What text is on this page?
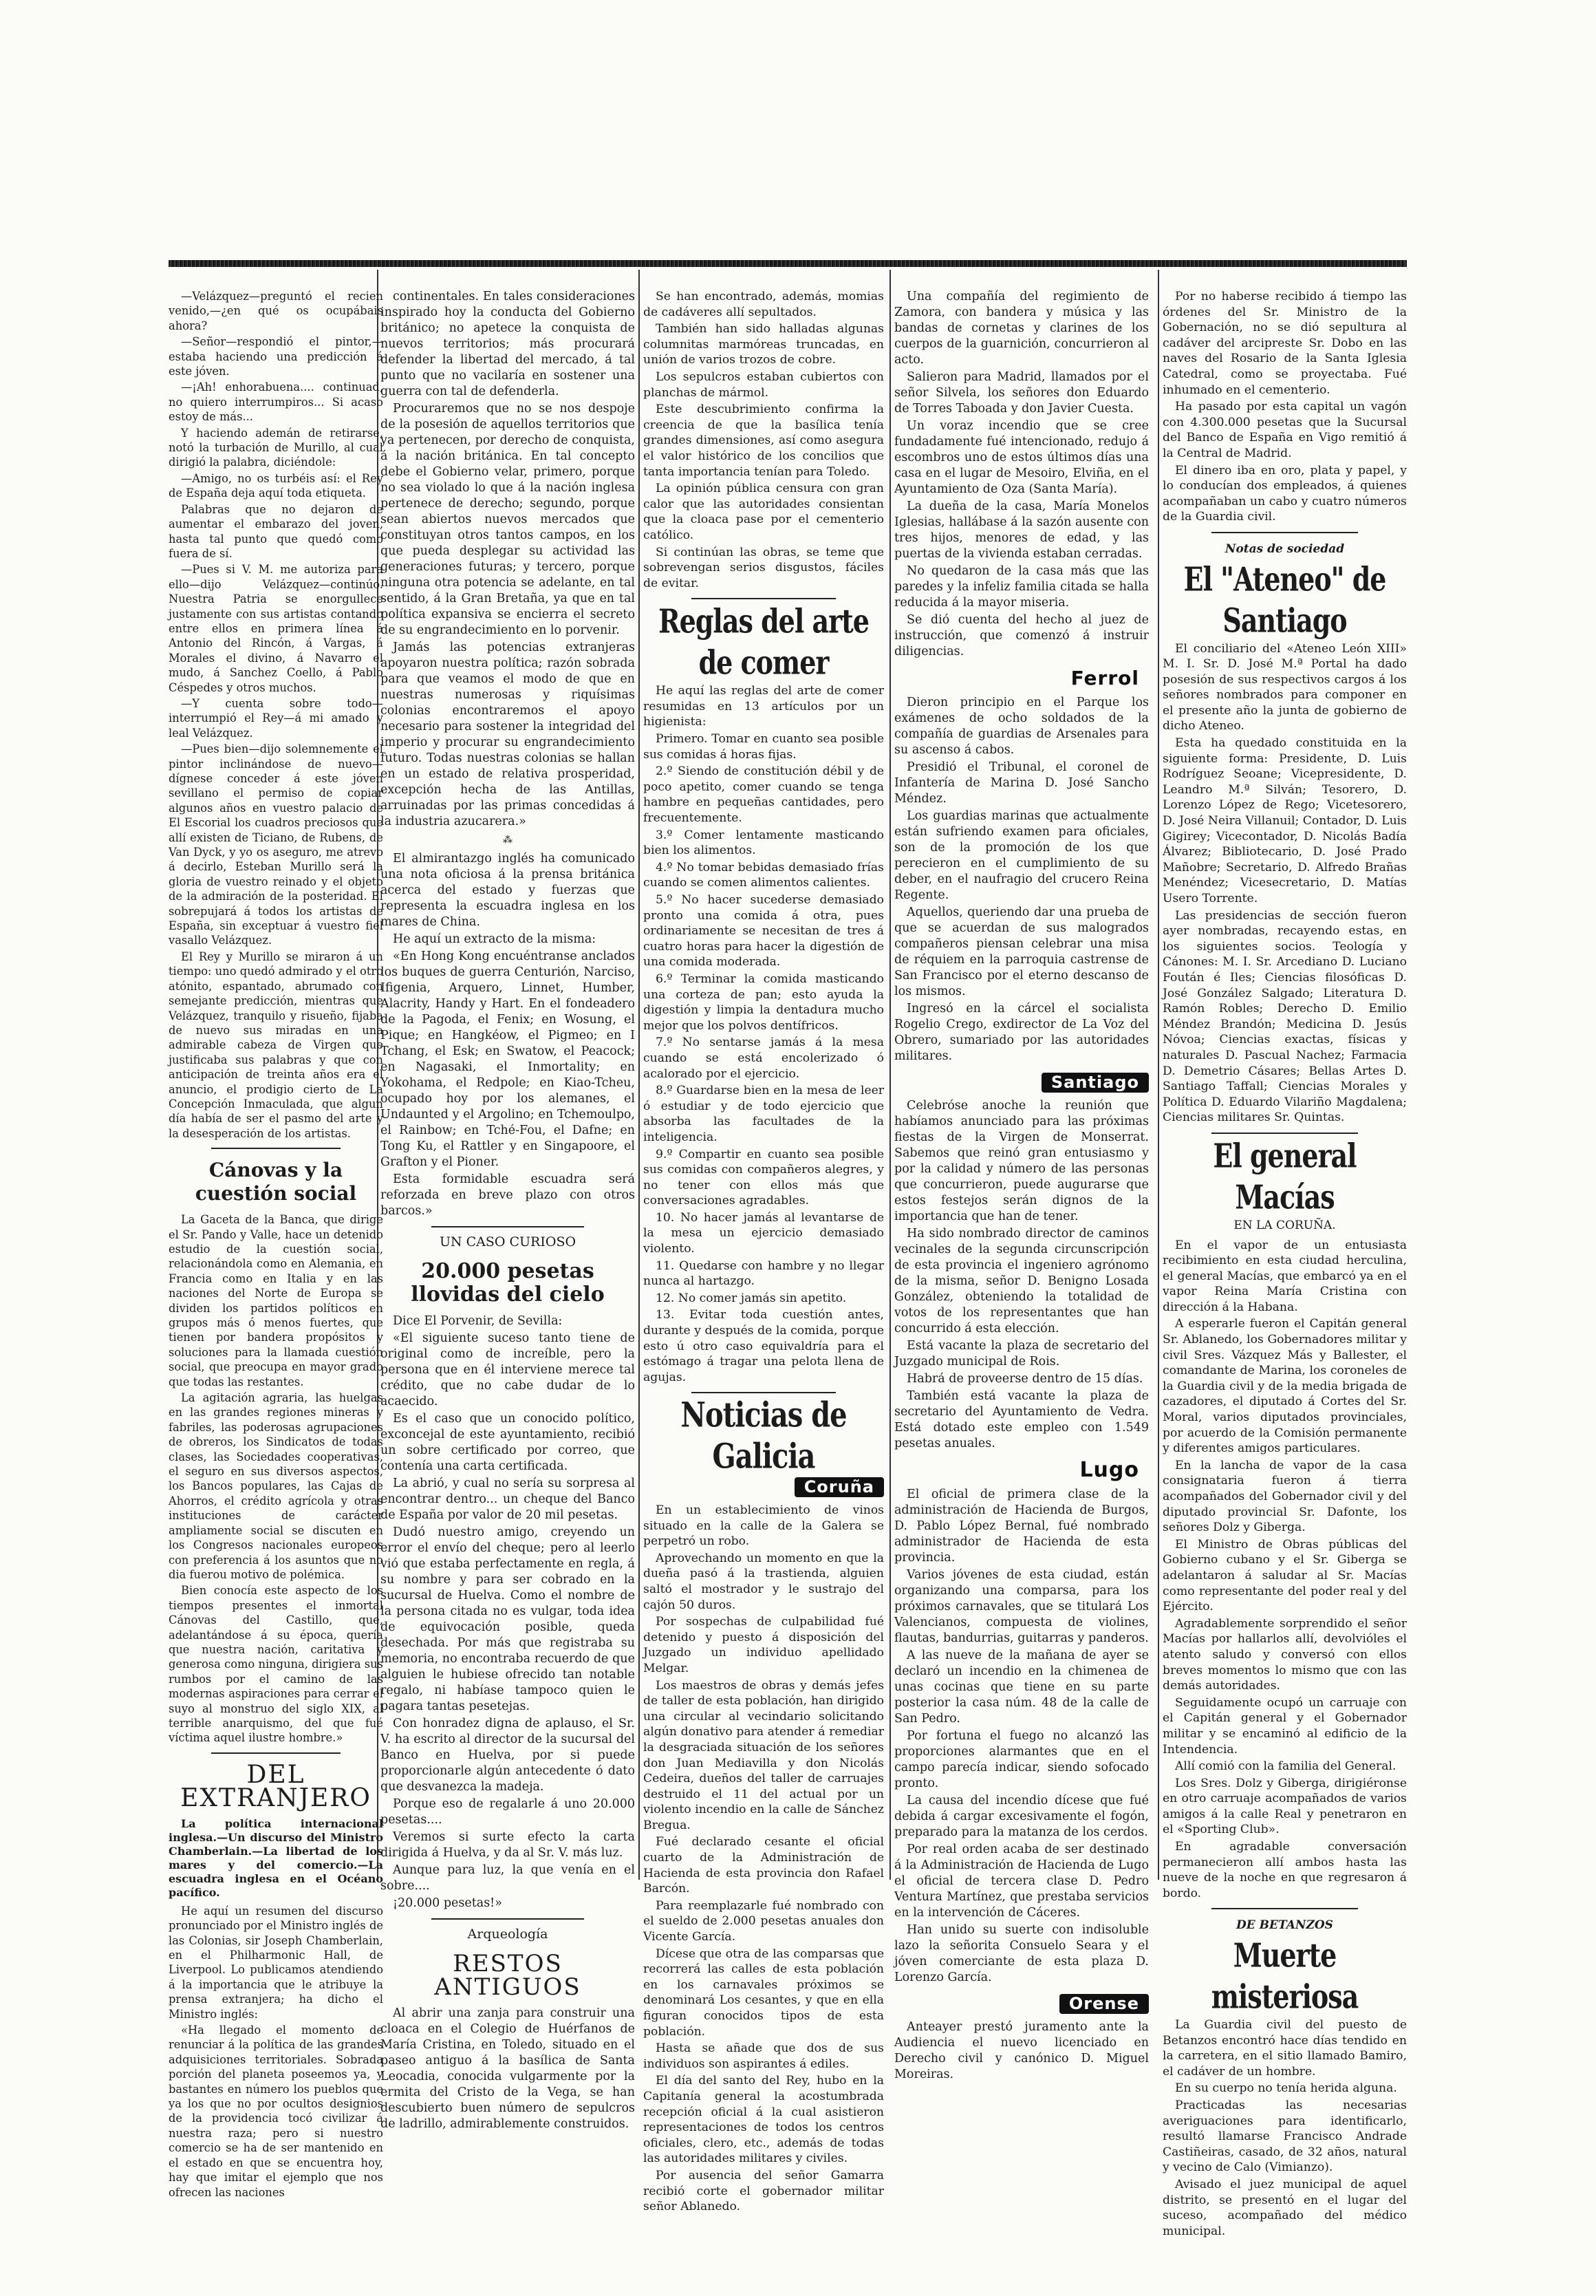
—Velázquez—preguntó el recien venido,—¿en qué os ocupábais ahora?

—Señor—respondió el pintor,—estaba haciendo una predicción á este jóven.

—¡Ah! enhorabuena.... continuad, no quiero interrumpiros... Si acaso estoy de más...

Y haciendo ademán de retirarse, notó la turbación de Murillo, al cual dirigió la palabra, diciéndole:

—Amigo, no os turbéis así: el Rey de España deja aquí toda etiqueta.

Palabras que no dejaron de aumentar el embarazo del joven, hasta tal punto que quedó como fuera de sí.

—Pues si V. M. me autoriza para ello—dijo Velázquez—continúo. Nuestra Patria se enorgullece justamente con sus artistas contando entre ellos en primera línea á Antonio del Rincón, á Vargas, á Morales el divino, á Navarro el mudo, á Sanchez Coello, á Pablo Céspedes y otros muchos.

—Y cuenta sobre todo—interrumpió el Rey—á mi amado y leal Velázquez.

—Pues bien—dijo solemnemente el pintor inclinándose de nuevo—dígnese conceder á este jóven sevillano el permiso de copiar algunos años en vuestro palacio de El Escorial los cuadros preciosos que allí existen de Ticiano, de Rubens, de Van Dyck, y yo os aseguro, me atrevo á decirlo, Esteban Murillo será la gloria de vuestro reinado y el objeto de la admiración de la posteridad. El sobrepujará á todos los artistas de España, sin exceptuar á vuestro fiel vasallo Velázquez.

El Rey y Murillo se miraron á un tiempo: uno quedó admirado y el otro atónito, espantado, abrumado con semejante predicción, mientras que Velázquez, tranquilo y risueño, fijaba de nuevo sus miradas en una admirable cabeza de Virgen que justificaba sus palabras y que con anticipación de treinta años era el anuncio, el prodigio cierto de La Concepción Inmaculada, que algun día había de ser el pasmo del arte y la desesperación de los artistas.

Cánovas y la cuestión social

La Gaceta de la Banca, que dirige el Sr. Pando y Valle, hace un detenido estudio de la cuestión social, relacionándola como en Alemania, en Francia como en Italia y en las naciones del Norte de Europa se dividen los partidos políticos en grupos más ó menos fuertes, que tienen por bandera propósitos y soluciones para la llamada cuestión social, que preocupa en mayor grado que todas las restantes.

La agitación agraria, las huelgas en las grandes regiones mineras y fabriles, las poderosas agrupaciones de obreros, los Sindicatos de todas clases, las Sociedades cooperativas, el seguro en sus diversos aspectos, los Bancos populares, las Cajas de Ahorros, el crédito agrícola y otras instituciones de carácter ampliamente social se discuten en los Congresos nacionales europeos con preferencia á los asuntos que no dia fuerou motivo de polémica.

Bien conocía este aspecto de los tiempos presentes el inmortal Cánovas del Castillo, que, adelantándose á su época, quería que nuestra nación, caritativa y generosa como ninguna, dirigiera sus rumbos por el camino de las modernas aspiraciones para cerrar el suyo al monstruo del siglo XIX, al terrible anarquismo, del que fué víctima aquel ilustre hombre.»

DEL EXTRANJERO
La política internacional inglesa.—Un discurso del Ministro Chamberlain.—La libertad de los mares y del comercio.—La escuadra inglesa en el Océano pacífico.

He aquí un resumen del discurso pronunciado por el Ministro inglés de las Colonias, sir Joseph Chamberlain, en el Philharmonic Hall, de Liverpool. Lo publicamos atendiendo á la importancia que le atribuye la prensa extranjera; ha dicho el Ministro inglés:

«Ha llegado el momento de renunciar á la política de las grandes adquisiciones territoriales. Sobrada porción del planeta poseemos ya, y bastantes en número los pueblos que ya los que no por ocultos designios de la providencia tocó civilizar á nuestra raza; pero si nuestro comercio se ha de ser mantenido en el estado en que se encuentra hoy, hay que imitar el ejemplo que nos ofrecen las naciones

continentales. En tales consideraciones inspirado hoy la conducta del Gobierno británico; no apetece la conquista de nuevos territorios; más procurará defender la libertad del mercado, á tal punto que no vacilaría en sostener una guerra con tal de defenderla.

Procuraremos que no se nos despoje de la posesión de aquellos territorios que ya pertenecen, por derecho de conquista, á la nación británica. En tal concepto debe el Gobierno velar, primero, porque no sea violado lo que á la nación inglesa pertenece de derecho; segundo, porque sean abiertos nuevos mercados que constituyan otros tantos campos, en los que pueda desplegar su actividad las generaciones futuras; y tercero, porque ninguna otra potencia se adelante, en tal sentido, á la Gran Bretaña, ya que en tal política expansiva se encierra el secreto de su engrandecimiento en lo porvenir.

Jamás las potencias extranjeras apoyaron nuestra política; razón sobrada para que veamos el modo de que en nuestras numerosas y riquísimas colonias encontraremos el apoyo necesario para sostener la integridad del imperio y procurar su engrandecimiento futuro. Todas nuestras colonias se hallan en un estado de relativa prosperidad, excepción hecha de las Antillas, arruinadas por las primas concedidas á la industria azucarera.»

⁂

El almirantazgo inglés ha comunicado una nota oficiosa á la prensa británica acerca del estado y fuerzas que representa la escuadra inglesa en los mares de China.

He aquí un extracto de la misma:

«En Hong Kong encuéntranse anclados los buques de guerra Centurión, Narciso, Ifigenia, Arquero, Linnet, Humber, Alacrity, Handy y Hart. En el fondeadero de la Pagoda, el Fenix; en Wosung, el Pique; en Hangkéow, el Pigmeo; en I Tchang, el Esk; en Swatow, el Peacock; en Nagasaki, el Inmortality; en Yokohama, el Redpole; en Kiao-Tcheu, ocupado hoy por los alemanes, el Undaunted y el Argolino; en Tchemoulpo, el Rainbow; en Tché-Fou, el Dafne; en Tong Ku, el Rattler y en Singapoore, el Grafton y el Pioner.

Esta formidable escuadra será reforzada en breve plazo con otros barcos.»

UN CASO CURIOSO
20.000 pesetas llovidas del cielo

Dice El Porvenir, de Sevilla:

«El siguiente suceso tanto tiene de original como de increíble, pero la persona que en él interviene merece tal crédito, que no cabe dudar de lo acaecido.

Es el caso que un conocido político, exconcejal de este ayuntamiento, recibió un sobre certificado por correo, que contenía una carta certificada.

La abrió, y cual no sería su sorpresa al encontrar dentro... un cheque del Banco de España por valor de 20 mil pesetas.

Dudó nuestro amigo, creyendo un error el envío del cheque; pero al leerlo vió que estaba perfectamente en regla, á su nombre y para ser cobrado en la sucursal de Huelva. Como el nombre de la persona citada no es vulgar, toda idea de equivocación posible, queda desechada. Por más que registraba su memoria, no encontraba recuerdo de que alguien le hubiese ofrecido tan notable regalo, ni habíase tampoco quien le pagara tantas pesetejas.

Con honradez digna de aplauso, el Sr. V. ha escrito al director de la sucursal del Banco en Huelva, por si puede proporcionarle algún antecedente ó dato que desvanezca la madeja.

Porque eso de regalarle á uno 20.000 pesetas....

Veremos si surte efecto la carta dirigida á Huelva, y da al Sr. V. más luz.

Aunque para luz, la que venía en el sobre....

¡20.000 pesetas!»

Arqueología
RESTOS ANTIGUOS

Al abrir una zanja para construir una cloaca en el Colegio de Huérfanos de María Cristina, en Toledo, situado en el paseo antiguo á la basílica de Santa Leocadia, conocida vulgarmente por la ermita del Cristo de la Vega, se han descubierto buen número de sepulcros de ladrillo, admirablemente construidos.

Se han encontrado, además, momias de cadáveres allí sepultados.

También han sido halladas algunas columnitas marmóreas truncadas, en unión de varios trozos de cobre.

Los sepulcros estaban cubiertos con planchas de mármol.

Este descubrimiento confirma la creencia de que la basílica tenía grandes dimensiones, así como asegura el valor histórico de los concilios que tanta importancia tenían para Toledo.

La opinión pública censura con gran calor que las autoridades consientan que la cloaca pase por el cementerio católico.

Si continúan las obras, se teme que sobrevengan serios disgustos, fáciles de evitar.

Reglas del arte de comer

He aquí las reglas del arte de comer resumidas en 13 artículos por un higienista:

Primero. Tomar en cuanto sea posible sus comidas á horas fijas.

2.º Siendo de constitución débil y de poco apetito, comer cuando se tenga hambre en pequeñas cantidades, pero frecuentemente.

3.º Comer lentamente masticando bien los alimentos.

4.º No tomar bebidas demasiado frías cuando se comen alimentos calientes.

5.º No hacer sucederse demasiado pronto una comida á otra, pues ordinariamente se necesitan de tres á cuatro horas para hacer la digestión de una comida moderada.

6.º Terminar la comida masticando una corteza de pan; esto ayuda la digestión y limpia la dentadura mucho mejor que los polvos dentífricos.

7.º No sentarse jamás á la mesa cuando se está encolerizado ó acalorado por el ejercicio.

8.º Guardarse bien en la mesa de leer ó estudiar y de todo ejercicio que absorba las facultades de la inteligencia.

9.º Compartir en cuanto sea posible sus comidas con compañeros alegres, y no tener con ellos más que conversaciones agradables.

10. No hacer jamás al levantarse de la mesa un ejercicio demasiado violento.

11. Quedarse con hambre y no llegar nunca al hartazgo.

12. No comer jamás sin apetito.

13. Evitar toda cuestión antes, durante y después de la comida, porque esto ú otro caso equivaldría para el estómago á tragar una pelota llena de agujas.

Noticias de Galicia
Coruña

En un establecimiento de vinos situado en la calle de la Galera se perpetró un robo.

Aprovechando un momento en que la dueña pasó á la trastienda, alguien saltó el mostrador y le sustrajo del cajón 50 duros.

Por sospechas de culpabilidad fué detenido y puesto á disposición del Juzgado un individuo apellidado Melgar.

Los maestros de obras y demás jefes de taller de esta población, han dirigido una circular al vecindario solicitando algún donativo para atender á remediar la desgraciada situación de los señores don Juan Mediavilla y don Nicolás Cedeira, dueños del taller de carruajes destruido el 11 del actual por un violento incendio en la calle de Sánchez Bregua.

Fué declarado cesante el oficial cuarto de la Administración de Hacienda de esta provincia don Rafael Barcón.

Para reemplazarle fué nombrado con el sueldo de 2.000 pesetas anuales don Vicente García.

Dícese que otra de las comparsas que recorrerá las calles de esta población en los carnavales próximos se denominará Los cesantes, y que en ella figuran conocidos tipos de esta población.

Hasta se añade que dos de sus individuos son aspirantes á ediles.

El día del santo del Rey, hubo en la Capitanía general la acostumbrada recepción oficial á la cual asistieron representaciones de todos los centros oficiales, clero, etc., además de todas las autoridades militares y civiles.

Por ausencia del señor Gamarra recibió corte el gobernador militar señor Ablanedo.

Una compañía del regimiento de Zamora, con bandera y música y las bandas de cornetas y clarines de los cuerpos de la guarnición, concurrieron al acto.

Salieron para Madrid, llamados por el señor Silvela, los señores don Eduardo de Torres Taboada y don Javier Cuesta.

Un voraz incendio que se cree fundadamente fué intencionado, redujo á escombros uno de estos últimos días una casa en el lugar de Mesoiro, Elviña, en el Ayuntamiento de Oza (Santa María).

La dueña de la casa, María Monelos Iglesias, hallábase á la sazón ausente con tres hijos, menores de edad, y las puertas de la vivienda estaban cerradas.

No quedaron de la casa más que las paredes y la infeliz familia citada se halla reducida á la mayor miseria.

Se dió cuenta del hecho al juez de instrucción, que comenzó á instruir diligencias.

Ferrol

Dieron principio en el Parque los exámenes de ocho soldados de la compañía de guardias de Arsenales para su ascenso á cabos.

Presidió el Tribunal, el coronel de Infantería de Marina D. José Sancho Méndez.

Los guardias marinas que actualmente están sufriendo examen para oficiales, son de la promoción de los que perecieron en el cumplimiento de su deber, en el naufragio del crucero Reina Regente.

Aquellos, queriendo dar una prueba de que se acuerdan de sus malogrados compañeros piensan celebrar una misa de réquiem en la parroquia castrense de San Francisco por el eterno descanso de los mismos.

Ingresó en la cárcel el socialista Rogelio Crego, exdirector de La Voz del Obrero, sumariado por las autoridades militares.

Santiago

Celebróse anoche la reunión que habíamos anunciado para las próximas fiestas de la Virgen de Monserrat. Sabemos que reinó gran entusiasmo y por la calidad y número de las personas que concurrieron, puede augurarse que estos festejos serán dignos de la importancia que han de tener.

Ha sido nombrado director de caminos vecinales de la segunda circunscripción de esta provincia el ingeniero agrónomo de la misma, señor D. Benigno Losada González, obteniendo la totalidad de votos de los representantes que han concurrido á esta elección.

Está vacante la plaza de secretario del Juzgado municipal de Rois.

Habrá de proveerse dentro de 15 días.

También está vacante la plaza de secretario del Ayuntamiento de Vedra. Está dotado este empleo con 1.549 pesetas anuales.

Lugo

El oficial de primera clase de la administración de Hacienda de Burgos, D. Pablo López Bernal, fué nombrado administrador de Hacienda de esta provincia.

Varios jóvenes de esta ciudad, están organizando una comparsa, para los próximos carnavales, que se titulará Los Valencianos, compuesta de violines, flautas, bandurrias, guitarras y panderos.

A las nueve de la mañana de ayer se declaró un incendio en la chimenea de unas cocinas que tiene en su parte posterior la casa núm. 48 de la calle de San Pedro.

Por fortuna el fuego no alcanzó las proporciones alarmantes que en el campo parecía indicar, siendo sofocado pronto.

La causa del incendio dícese que fué debida á cargar excesivamente el fogón, preparado para la matanza de los cerdos.

Por real orden acaba de ser destinado á la Administración de Hacienda de Lugo el oficial de tercera clase D. Pedro Ventura Martínez, que prestaba servicios en la intervención de Cáceres.

Han unido su suerte con indisoluble lazo la señorita Consuelo Seara y el jóven comerciante de esta plaza D. Lorenzo García.

Orense

Anteayer prestó juramento ante la Audiencia el nuevo licenciado en Derecho civil y canónico D. Miguel Moreiras.

Por no haberse recibido á tiempo las órdenes del Sr. Ministro de la Gobernación, no se dió sepultura al cadáver del arcipreste Sr. Dobo en las naves del Rosario de la Santa Iglesia Catedral, como se proyectaba. Fué inhumado en el cementerio.

Ha pasado por esta capital un vagón con 4.300.000 pesetas que la Sucursal del Banco de España en Vigo remitió á la Central de Madrid.

El dinero iba en oro, plata y papel, y lo conducían dos empleados, á quienes acompañaban un cabo y cuatro números de la Guardia civil.

Notas de sociedad
El "Ateneo" de Santiago

El conciliario del «Ateneo León XIII» M. I. Sr. D. José M.ª Portal ha dado posesión de sus respectivos cargos á los señores nombrados para componer en el presente año la junta de gobierno de dicho Ateneo.

Esta ha quedado constituida en la siguiente forma: Presidente, D. Luis Rodríguez Seoane; Vicepresidente, D. Leandro M.ª Silván; Tesorero, D. Lorenzo López de Rego; Vicetesorero, D. José Neira Villanuil; Contador, D. Luis Gigirey; Vicecontador, D. Nicolás Badía Álvarez; Bibliotecario, D. José Prado Mañobre; Secretario, D. Alfredo Brañas Menéndez; Vicesecretario, D. Matías Usero Torrente.

Las presidencias de sección fueron ayer nombradas, recayendo estas, en los siguientes socios. Teología y Cánones: M. I. Sr. Arcediano D. Luciano Foután é Iles; Ciencias filosóficas D. José González Salgado; Literatura D. Ramón Robles; Derecho D. Emilio Méndez Brandón; Medicina D. Jesús Nóvoa; Ciencias exactas, físicas y naturales D. Pascual Nachez; Farmacia D. Demetrio Cásares; Bellas Artes D. Santiago Taffall; Ciencias Morales y Política D. Eduardo Vilariño Magdalena; Ciencias militares Sr. Quintas.

El general Macías
EN LA CORUÑA.

En el vapor de un entusiasta recibimiento en esta ciudad herculina, el general Macías, que embarcó ya en el vapor Reina María Cristina con dirección á la Habana.

A esperarle fueron el Capitán general Sr. Ablanedo, los Gobernadores militar y civil Sres. Vázquez Más y Ballester, el comandante de Marina, los coroneles de la Guardia civil y de la media brigada de cazadores, el diputado á Cortes del Sr. Moral, varios diputados provinciales, por acuerdo de la Comisión permanente y diferentes amigos particulares.

En la lancha de vapor de la casa consignataria fueron á tierra acompañados del Gobernador civil y del diputado provincial Sr. Dafonte, los señores Dolz y Giberga.

El Ministro de Obras públicas del Gobierno cubano y el Sr. Giberga se adelantaron á saludar al Sr. Macías como representante del poder real y del Ejército.

Agradablemente sorprendido el señor Macías por hallarlos allí, devolvióles el atento saludo y conversó con ellos breves momentos lo mismo que con las demás autoridades.

Seguidamente ocupó un carruaje con el Capitán general y el Gobernador militar y se encaminó al edificio de la Intendencia.

Allí comió con la familia del General.

Los Sres. Dolz y Giberga, dirigiéronse en otro carruaje acompañados de varios amigos á la calle Real y penetraron en el «Sporting Club».

En agradable conversación permanecieron allí ambos hasta las nueve de la noche en que regresaron á bordo.

DE BETANZOS
Muerte misteriosa

La Guardia civil del puesto de Betanzos encontró hace días tendido en la carretera, en el sitio llamado Bamiro, el cadáver de un hombre.

En su cuerpo no tenía herida alguna.

Practicadas las necesarias averiguaciones para identificarlo, resultó llamarse Francisco Andrade Castiñeiras, casado, de 32 años, natural y vecino de Calo (Vimianzo).

Avisado el juez municipal de aquel distrito, se presentó en el lugar del suceso, acompañado del médico municipal.
